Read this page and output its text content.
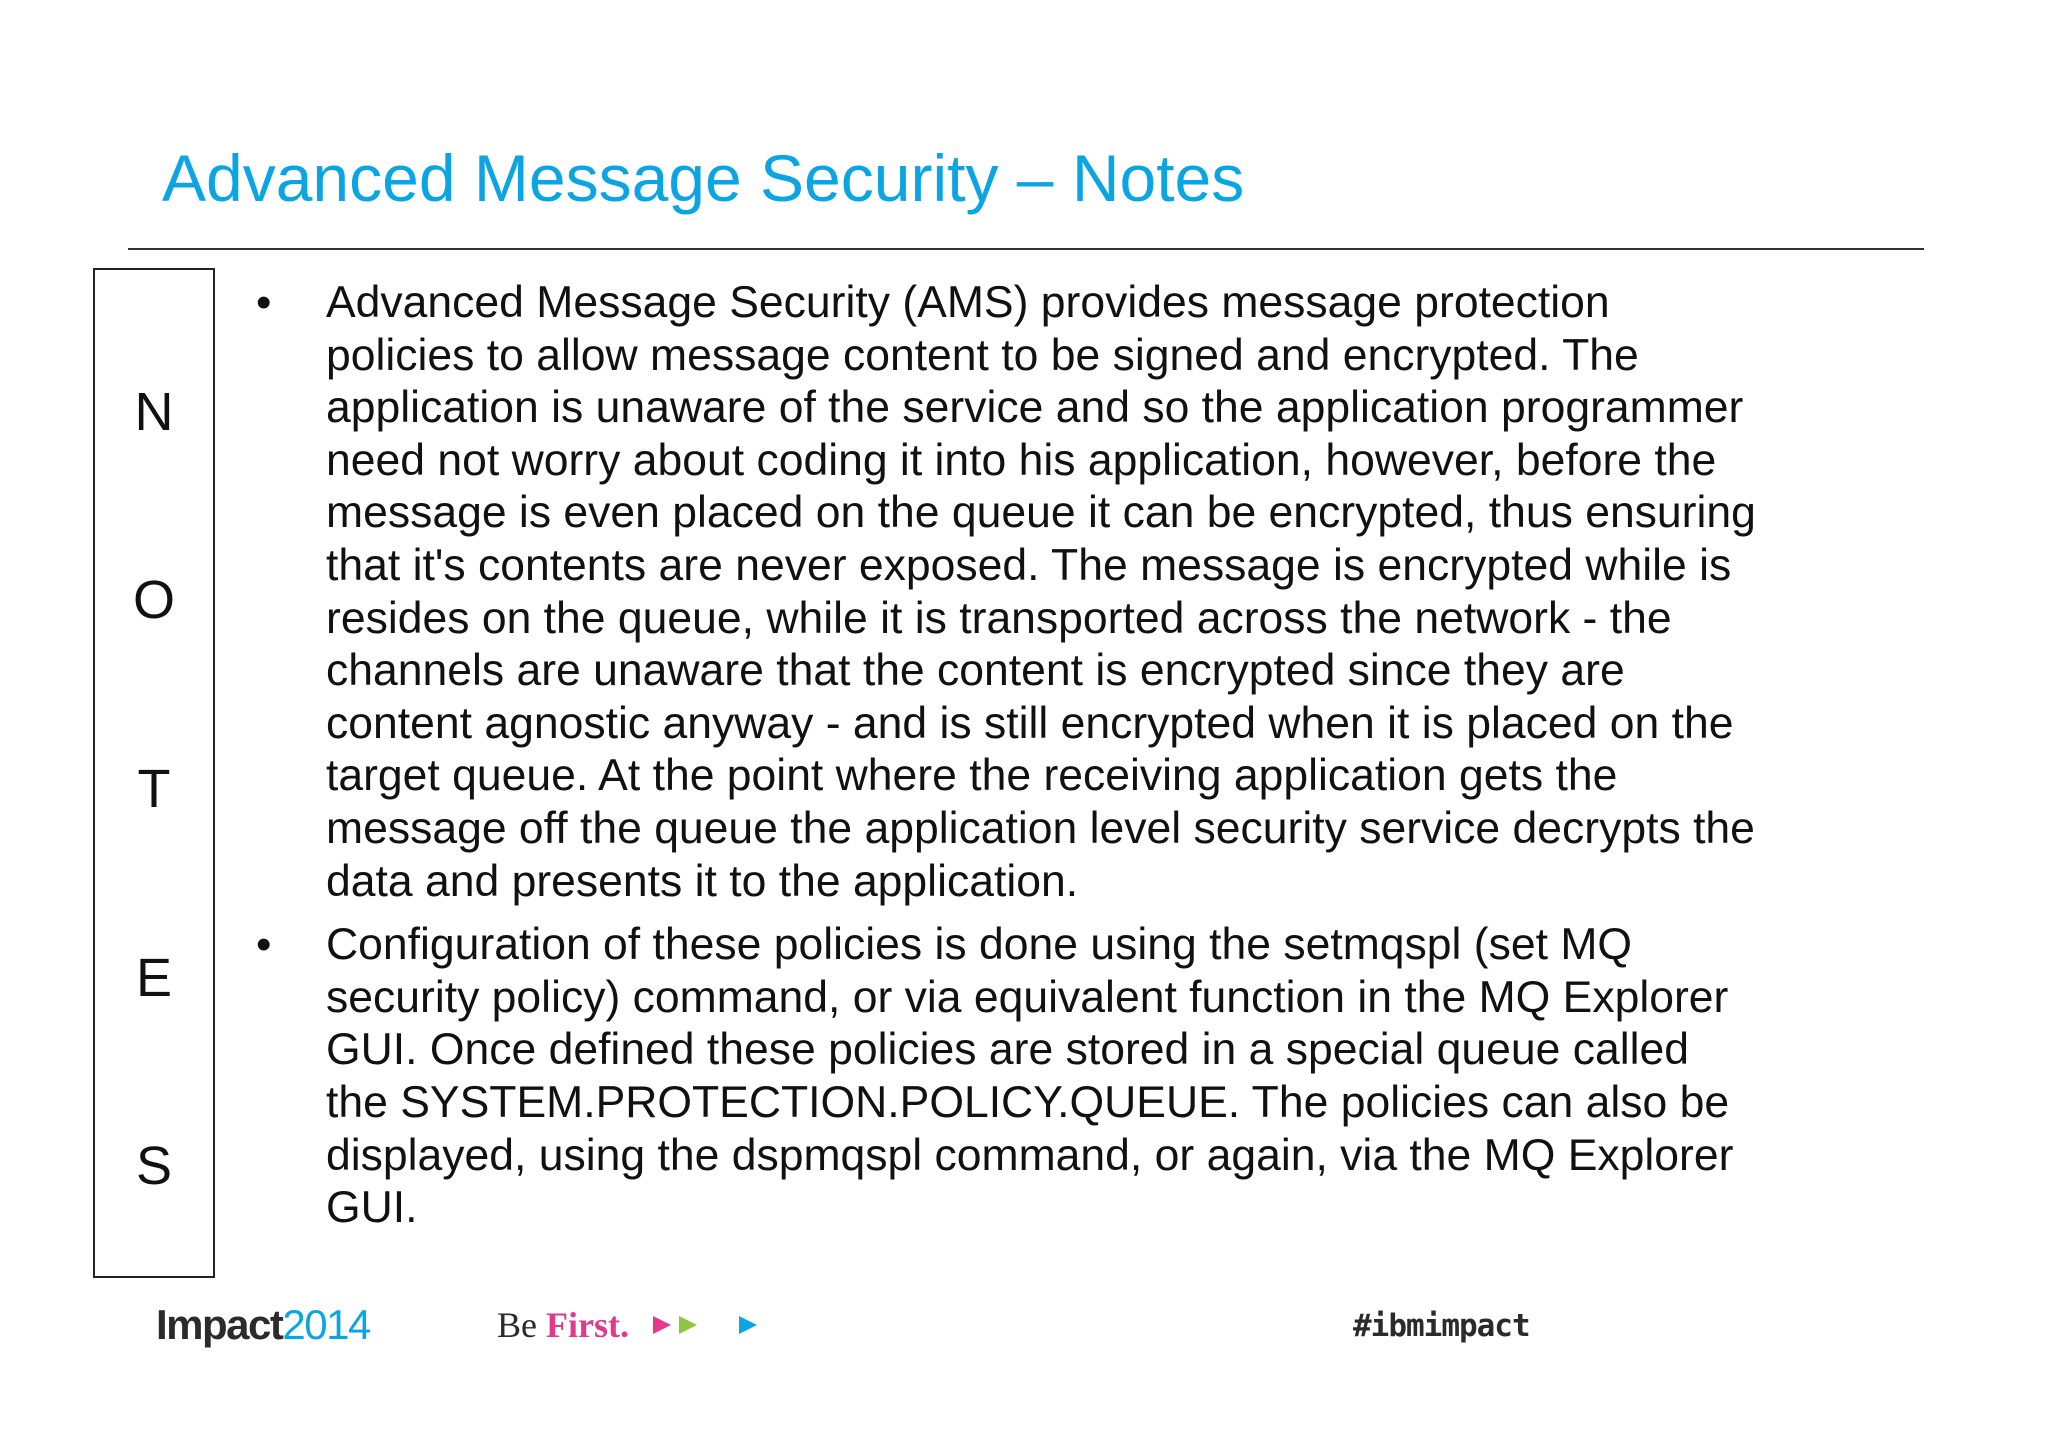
Advanced Message Security – Notes
N
O
T
E
S
•	Advanced Message Security (AMS) provides message protection
policies to allow message content to be signed and encrypted. The
application is unaware of the service and so the application programmer
need not worry about coding it into his application, however, before the
message is even placed on the queue it can be encrypted, thus ensuring
that it's contents are never exposed. The message is encrypted while is
resides on the queue, while it is transported across the network - the
channels are unaware that the content is encrypted since they are
content agnostic anyway - and is still encrypted when it is placed on the
target queue. At the point where the receiving application gets the
message off the queue the application level security service decrypts the
data and presents it to the application.
•	Configuration of these policies is done using the setmqspl (set MQ
security policy) command, or via equivalent function in the MQ Explorer
GUI. Once defined these policies are stored in a special queue called
the SYSTEM.PROTECTION.POLICY.QUEUE. The policies can also be
displayed, using the dspmqspl command, or again, via the MQ Explorer
GUI.
Impact2014	Be First.	#ibmimpact
